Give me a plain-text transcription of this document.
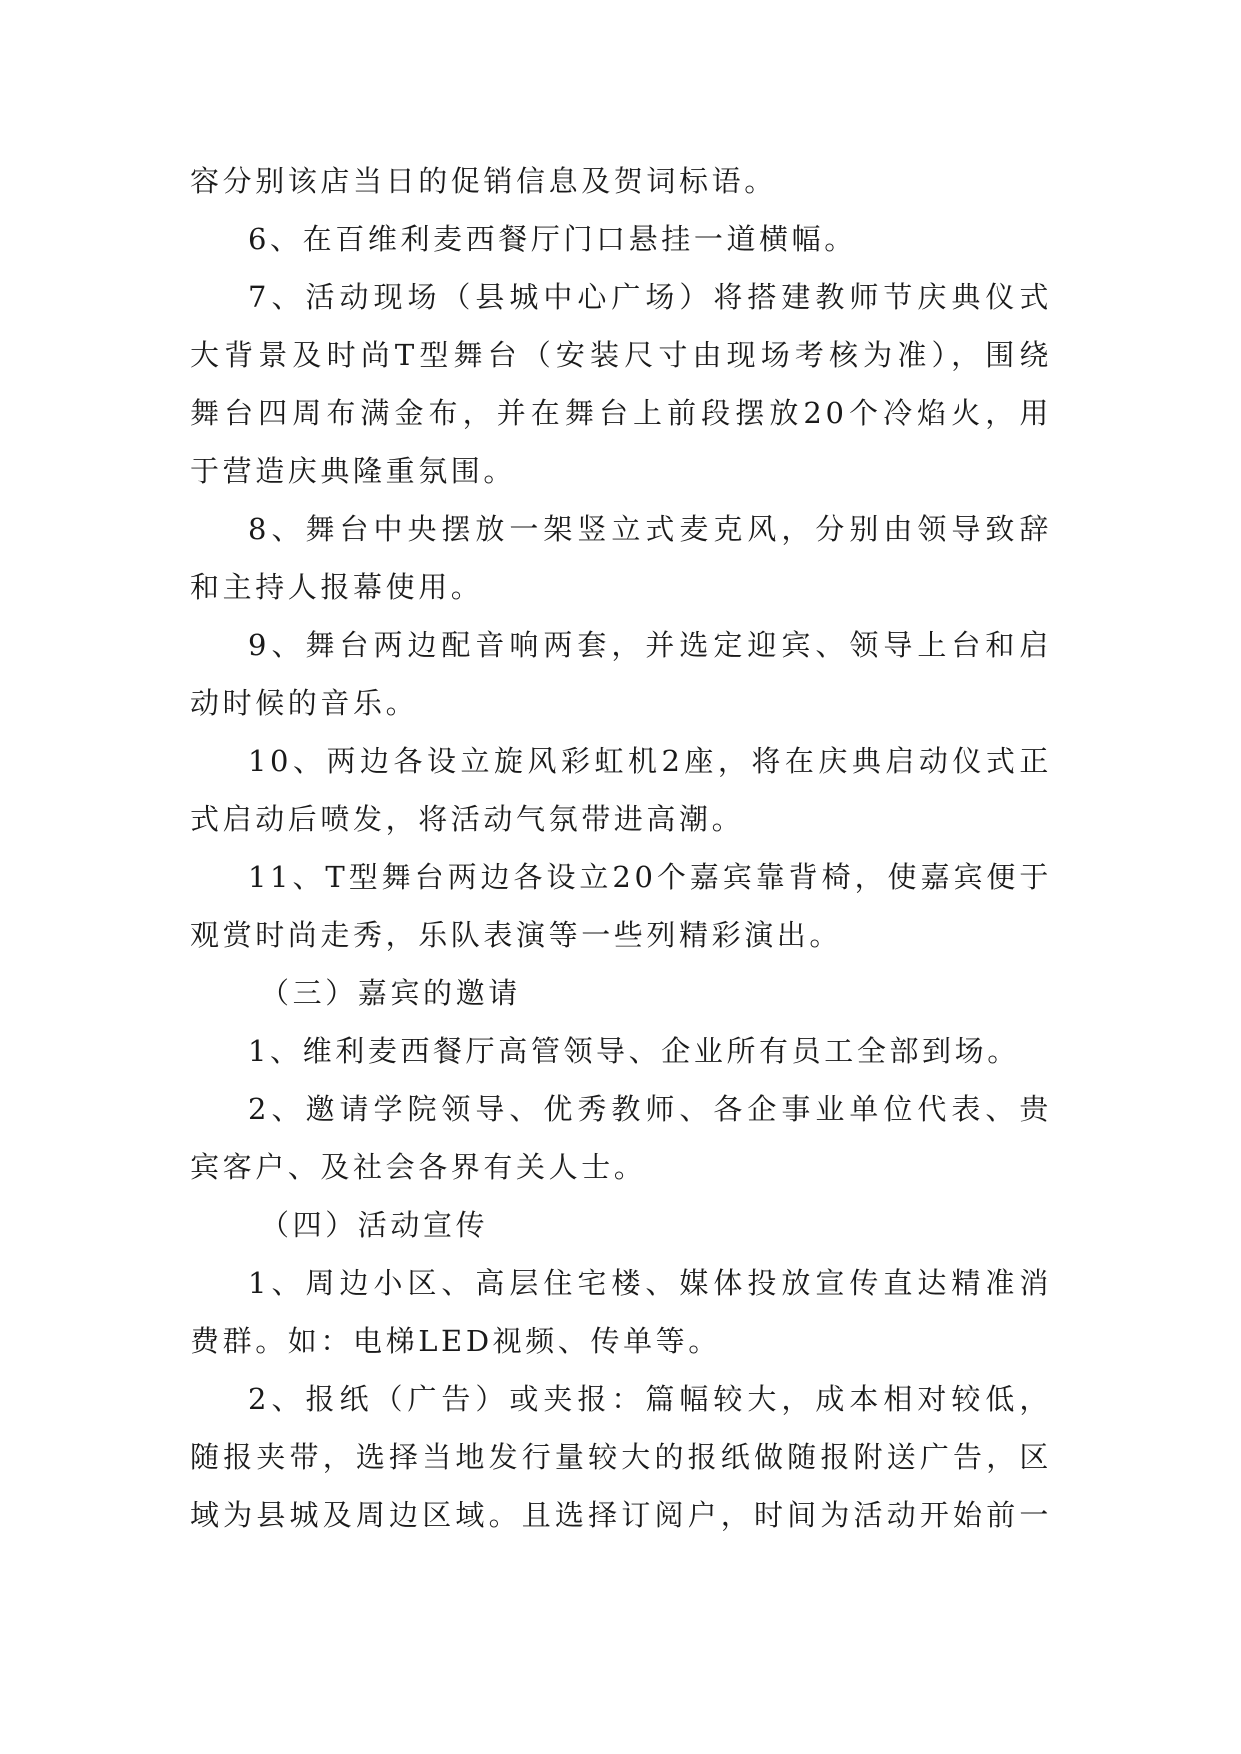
容分别该店当日的促销信息及贺词标语。
6、在百维利麦西餐厅门口悬挂一道横幅。
7、活动现场（县城中心广场）将搭建教师节庆典仪式
大背景及时尚T型舞台（安装尺寸由现场考核为准），围绕
舞台四周布满金布，并在舞台上前段摆放20个冷焰火，用
于营造庆典隆重氛围。
8、舞台中央摆放一架竖立式麦克风，分别由领导致辞
和主持人报幕使用。
9、舞台两边配音响两套，并选定迎宾、领导上台和启
动时候的音乐。
10、两边各设立旋风彩虹机2座，将在庆典启动仪式正
式启动后喷发，将活动气氛带进高潮。
11、T型舞台两边各设立20个嘉宾靠背椅，使嘉宾便于
观赏时尚走秀，乐队表演等一些列精彩演出。
（三）嘉宾的邀请
1、维利麦西餐厅高管领导、企业所有员工全部到场。
2、邀请学院领导、优秀教师、各企事业单位代表、贵
宾客户、及社会各界有关人士。
（四）活动宣传
1、周边小区、高层住宅楼、媒体投放宣传直达精准消
费群。如：电梯LED视频、传单等。
2、报纸（广告）或夹报：篇幅较大，成本相对较低，
随报夹带，选择当地发行量较大的报纸做随报附送广告，区
域为县城及周边区域。且选择订阅户，时间为活动开始前一
